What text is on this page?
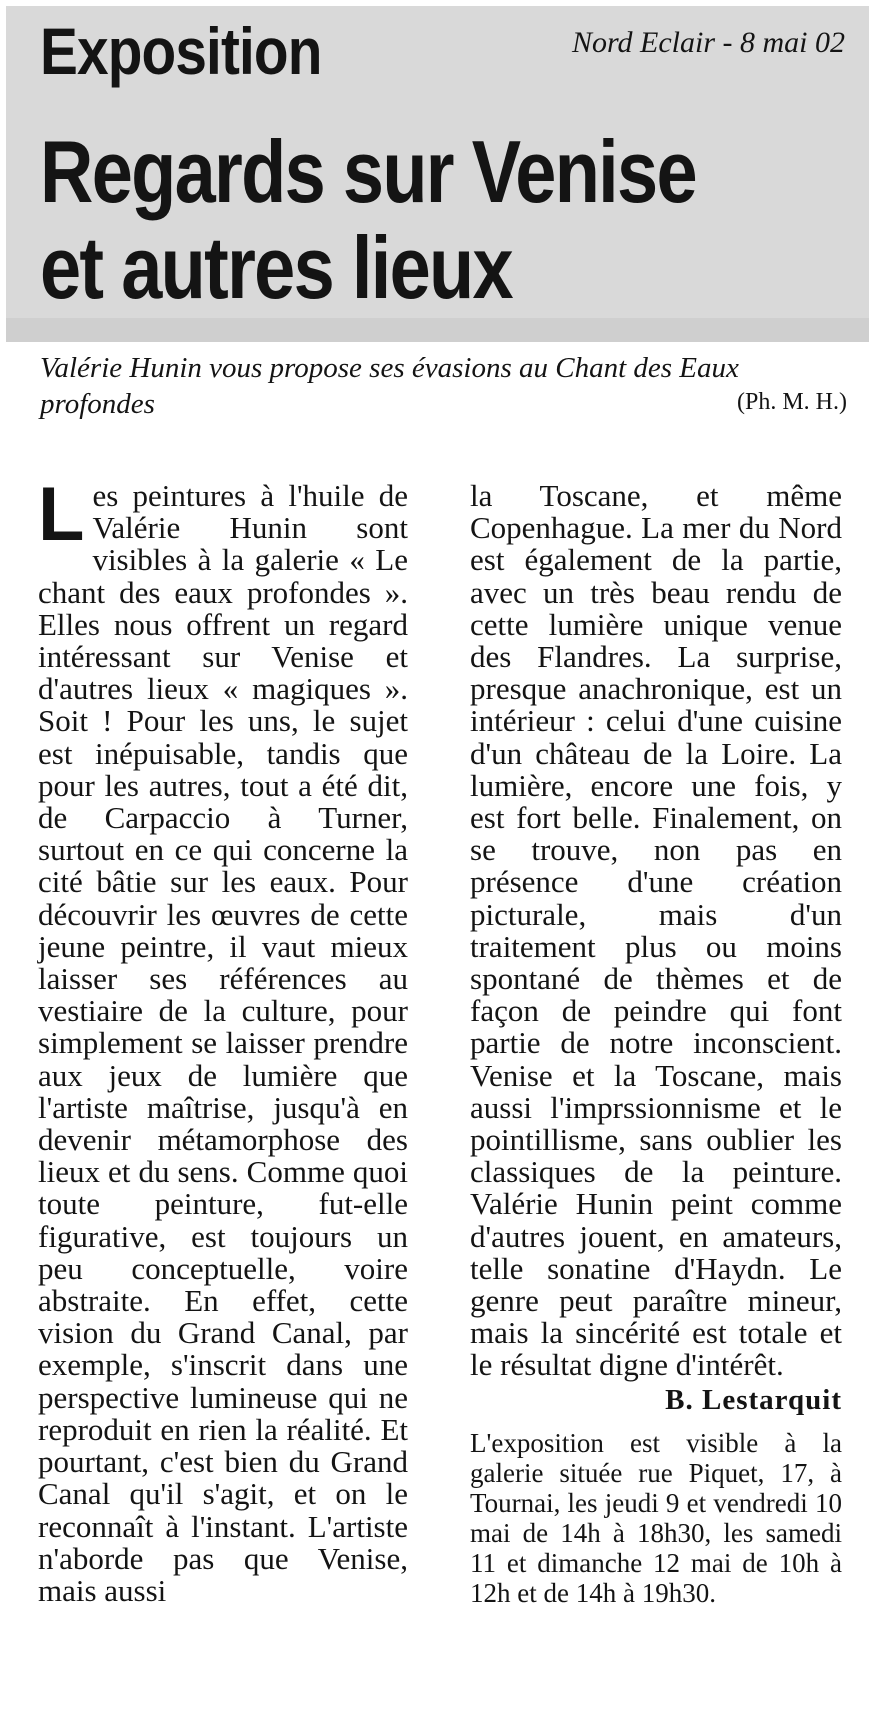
Exposition	Nord Eclair - 8 mai 02
Regards sur Venise
et autres lieux
Valérie Hunin vous propose ses évasions au Chant des Eaux profondes	(Ph. M. H.)

Les peintures à l'huile de Valérie Hunin sont visibles à la galerie « Le chant des eaux profondes ». Elles nous offrent un regard intéressant sur Venise et d'autres lieux « magiques ». Soit ! Pour les uns, le sujet est inépuisable, tandis que pour les autres, tout a été dit, de Carpaccio à Turner, surtout en ce qui concerne la cité bâtie sur les eaux. Pour découvrir les œuvres de cette jeune peintre, il vaut mieux laisser ses références au vestiaire de la culture, pour simplement se laisser prendre aux jeux de lumière que l'artiste maîtrise, jusqu'à en devenir métamorphose des lieux et du sens. Comme quoi toute peinture, fut-elle figurative, est toujours un peu conceptuelle, voire abstraite. En effet, cette vision du Grand Canal, par exemple, s'inscrit dans une perspective lumineuse qui ne reproduit en rien la réalité. Et pourtant, c'est bien du Grand Canal qu'il s'agit, et on le reconnaît à l'instant. L'artiste n'aborde pas que Venise, mais aussi

la Toscane, et même Copenhague. La mer du Nord est également de la partie, avec un très beau rendu de cette lumière unique venue des Flandres. La surprise, presque anachronique, est un intérieur : celui d'une cuisine d'un château de la Loire. La lumière, encore une fois, y est fort belle. Finalement, on se trouve, non pas en présence d'une création picturale, mais d'un traitement plus ou moins spontané de thèmes et de façon de peindre qui font partie de notre inconscient. Venise et la Toscane, mais aussi l'imprssionnisme et le pointillisme, sans oublier les classiques de la peinture. Valérie Hunin peint comme d'autres jouent, en amateurs, telle sonatine d'Haydn. Le genre peut paraître mineur, mais la sincérité est totale et le résultat digne d'intérêt.

B. Lestarquit

L'exposition est visible à la galerie située rue Piquet, 17, à Tournai, les jeudi 9 et vendredi 10 mai de 14h à 18h30, les samedi 11 et dimanche 12 mai de 10h à 12h et de 14h à 19h30.
